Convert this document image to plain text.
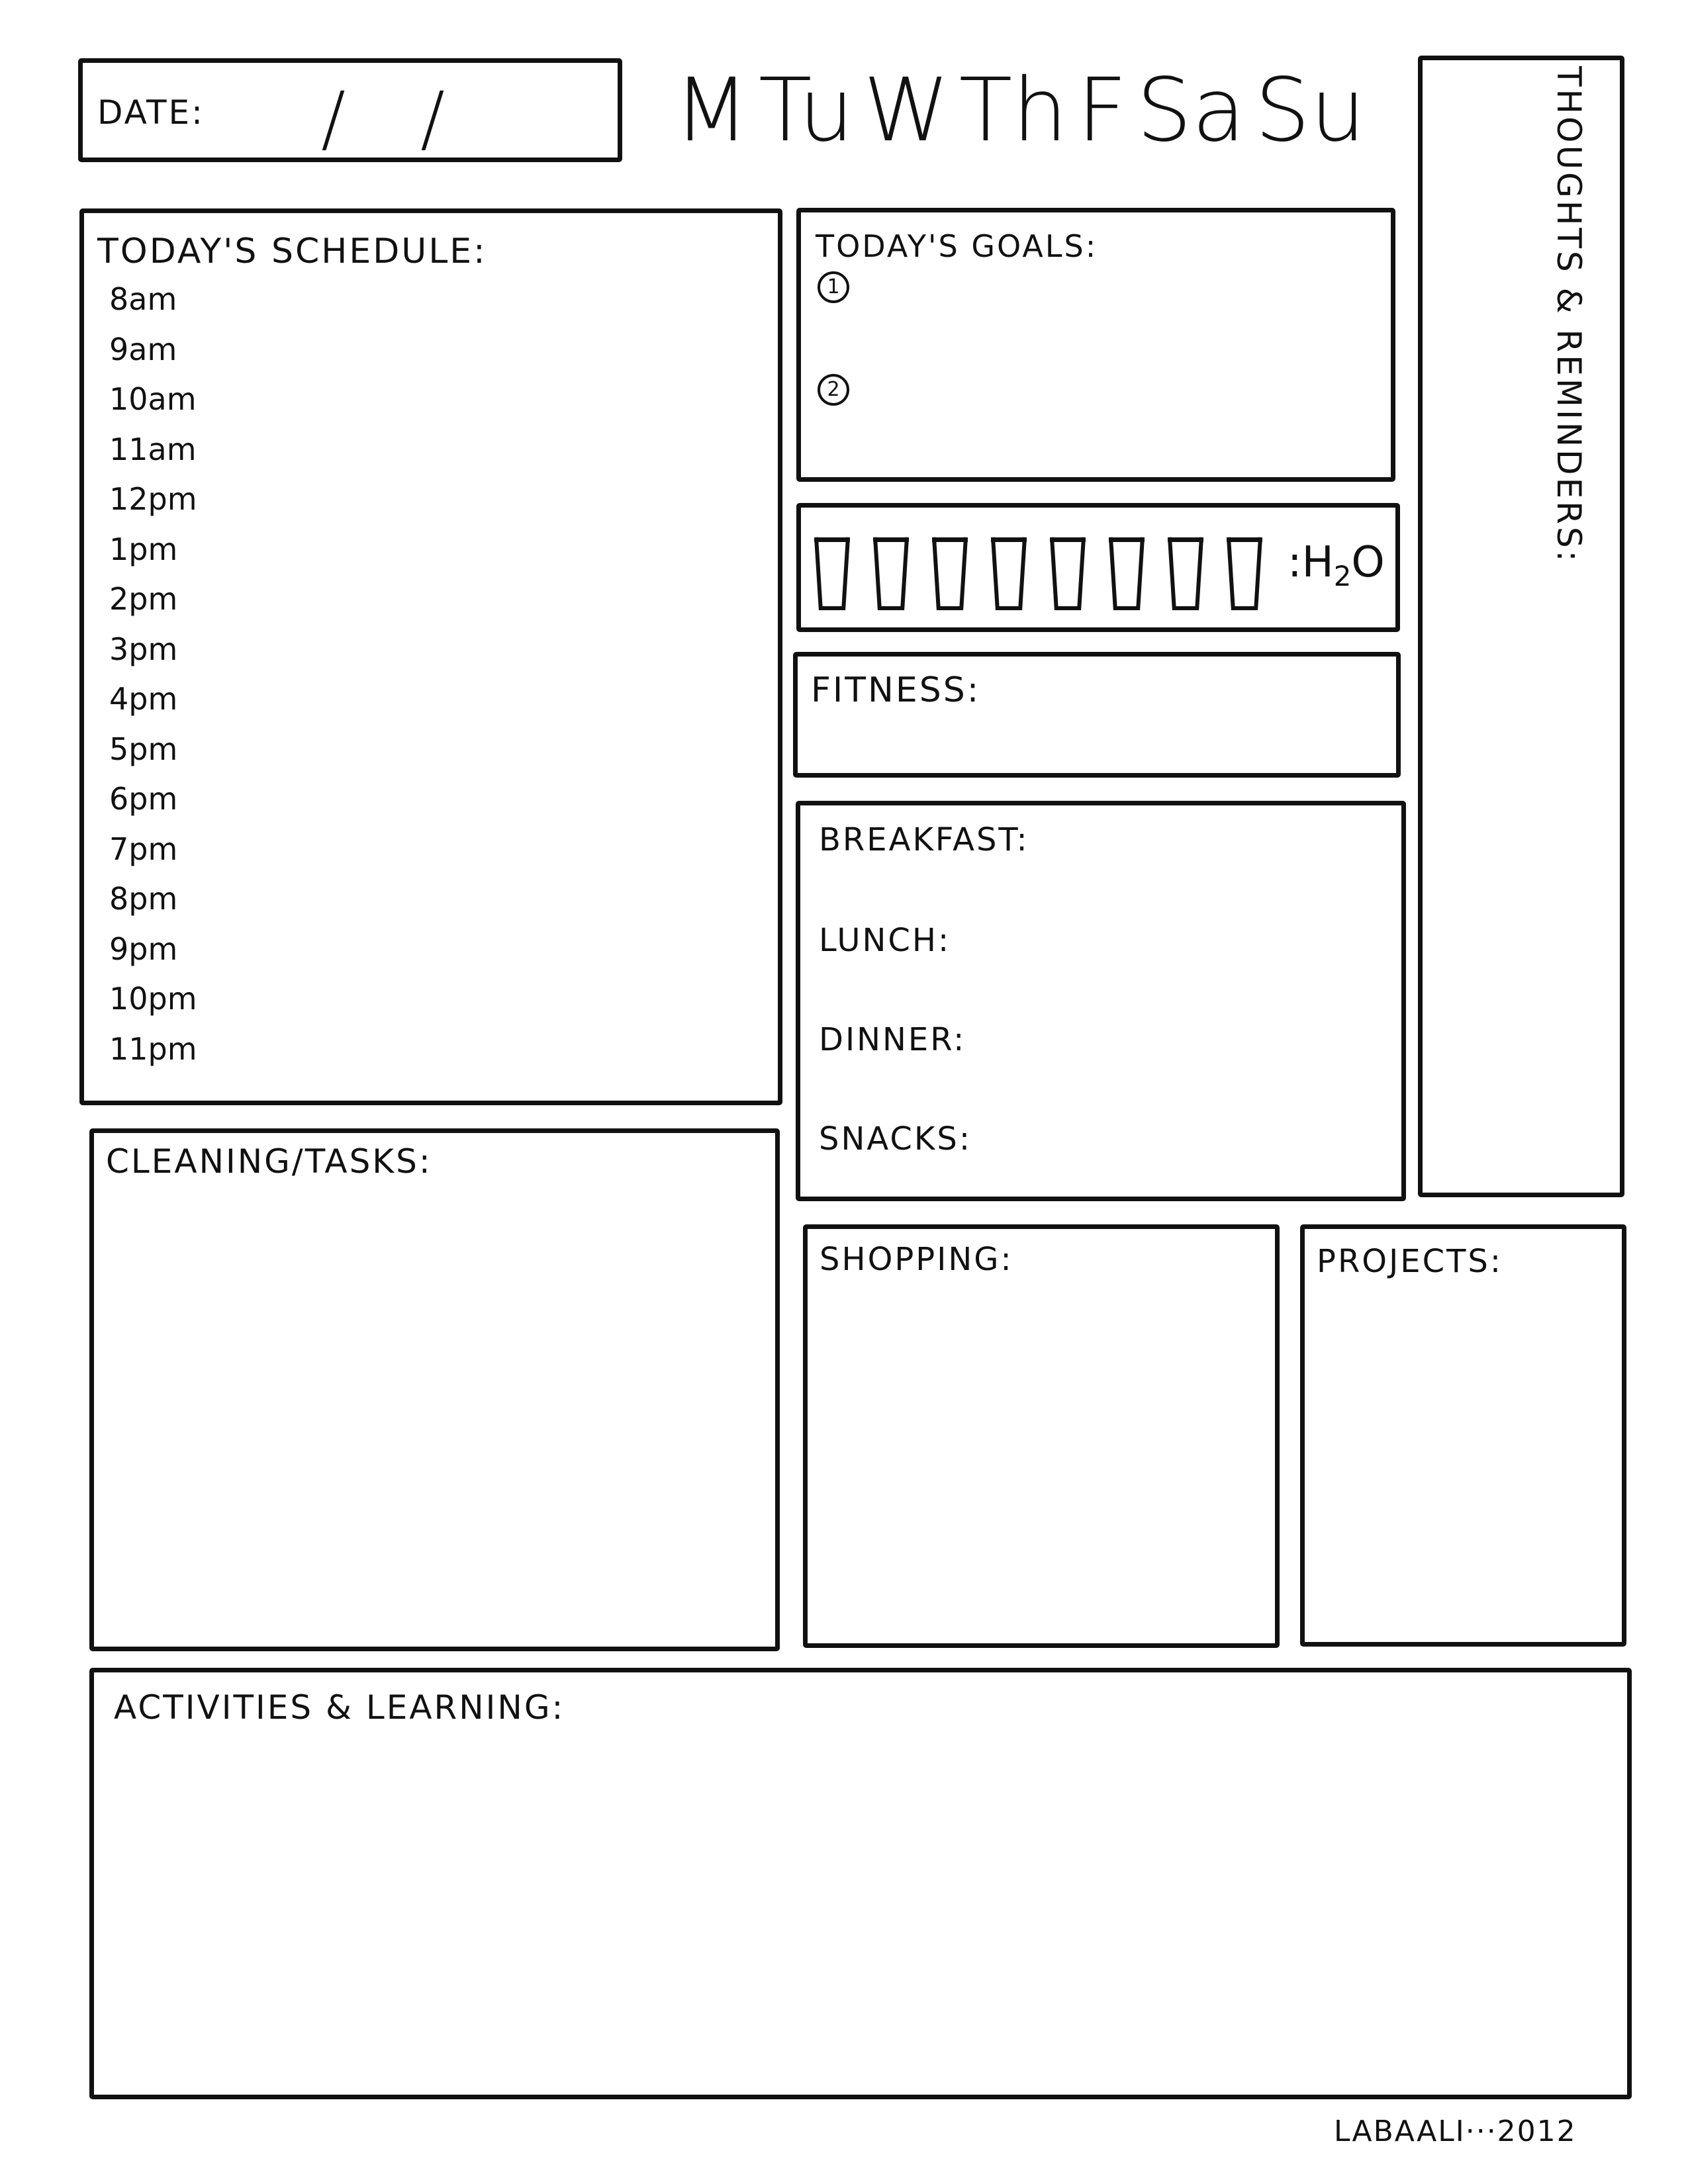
DATE: / /	M Tu W Th F Sa Su	THOUGHTS & REMINDERS:
TODAY'S SCHEDULE:
8am
9am
10am
11am
12pm
1pm
2pm
3pm
4pm
5pm
6pm
7pm
8pm
9pm
10pm
11pm
TODAY'S GOALS:
1
2
$:H_2O$
FITNESS:
BREAKFAST:
LUNCH:
DINNER:
SNACKS:
CLEANING/TASKS:
SHOPPING:	PROJECTS:
ACTIVITIES & LEARNING:
LABAALI···2012
